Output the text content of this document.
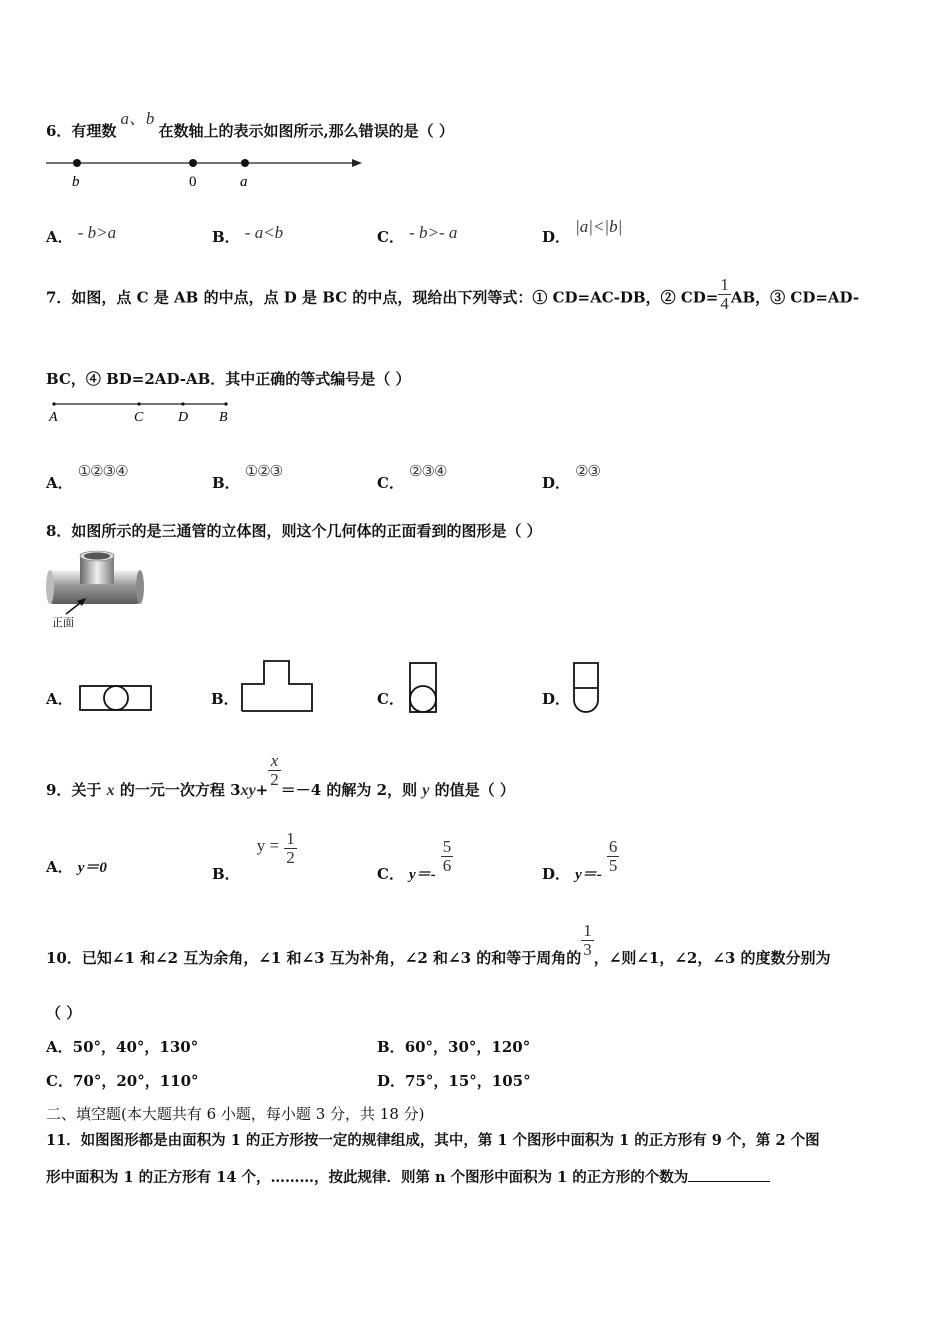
6．有理数a、b在数轴上的表示如图所示,那么错误的是（ ）
b	0	a
A． - b>a	B． - a<b	C． - b>- a	D． |a|<|b|
7．如图，点 C 是 AB 的中点，点 D 是 BC 的中点，现给出下列等式：① CD=AC-DB，② $CD= \frac{1}{4}$ AB，③ CD=AD-
BC，④ BD=2AD-AB．其中正确的等式编号是（ ）
A	C D B
A． ①②③④
B． ①②③
C． ②③④
D． ②③
8．如图所示的是三通管的立体图，则这个几何体的正面看到的图形是（ ）
正面
A．	B．	C．	D．
9．关于 x 的一元一次方程 3xy+
$\frac{x}{2}$
＝－4 的解为 2，则 y 的值是（ ）
A． y＝0	B． $y = \frac{1}{2}$
C． $y=- \frac{5}{6}$	D． $y=- \frac{6}{5}$
10．已知∠1 和∠2 互为余角，∠1 和∠3 互为补角，∠2 和∠3 的和等于周角的 $\frac{1}{3}$ ，∠则∠1，∠2，∠3 的度数分别为
（ ）
A．50°，40°，130°	B．60°，30°，120°
C．70°，20°，110°	D．75°，15°，105°
二、填空题(本大题共有 6 小题，每小题 3 分，共 18 分)
11．如图图形都是由面积为 1 的正方形按一定的规律组成，其中，第 1 个图形中面积为 1 的正方形有 9 个，第 2 个图
形中面积为 1 的正方形有 14 个，………，按此规律．则第 n 个图形中面积为 1 的正方形的个数为
